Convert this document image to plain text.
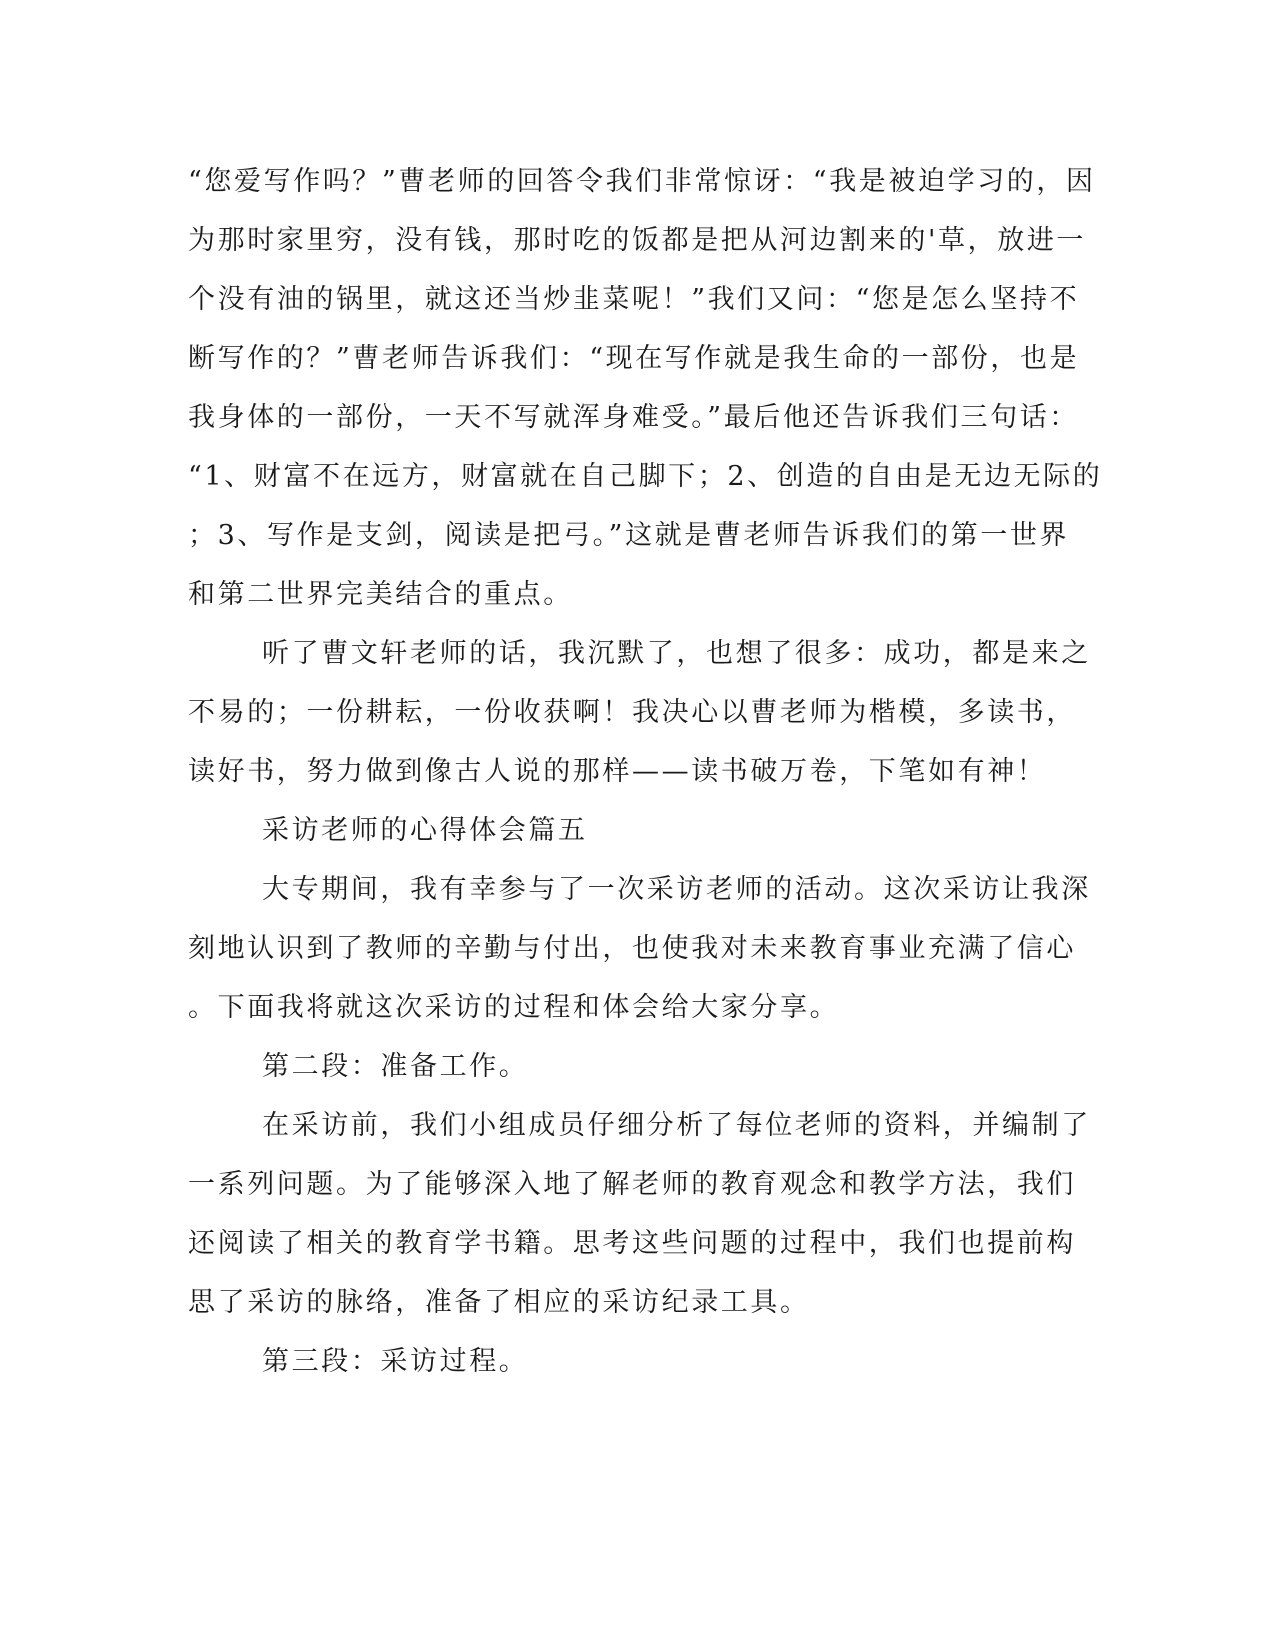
“您爱写作吗？”曹老师的回答令我们非常惊讶：“我是被迫学习的，因
为那时家里穷，没有钱，那时吃的饭都是把从河边割来的'草，放进一
个没有油的锅里，就这还当炒韭菜呢！”我们又问：“您是怎么坚持不
断写作的？”曹老师告诉我们：“现在写作就是我生命的一部份，也是
我身体的一部份，一天不写就浑身难受。”最后他还告诉我们三句话：
“1、财富不在远方，财富就在自己脚下；2、创造的自由是无边无际的
；3、写作是支剑，阅读是把弓。”这就是曹老师告诉我们的第一世界
和第二世界完美结合的重点。
听了曹文轩老师的话，我沉默了，也想了很多：成功，都是来之
不易的；一份耕耘，一份收获啊！我决心以曹老师为楷模，多读书，
读好书，努力做到像古人说的那样——读书破万卷，下笔如有神！
采访老师的心得体会篇五
大专期间，我有幸参与了一次采访老师的活动。这次采访让我深
刻地认识到了教师的辛勤与付出，也使我对未来教育事业充满了信心
。下面我将就这次采访的过程和体会给大家分享。
第二段：准备工作。
在采访前，我们小组成员仔细分析了每位老师的资料，并编制了
一系列问题。为了能够深入地了解老师的教育观念和教学方法，我们
还阅读了相关的教育学书籍。思考这些问题的过程中，我们也提前构
思了采访的脉络，准备了相应的采访纪录工具。
第三段：采访过程。
